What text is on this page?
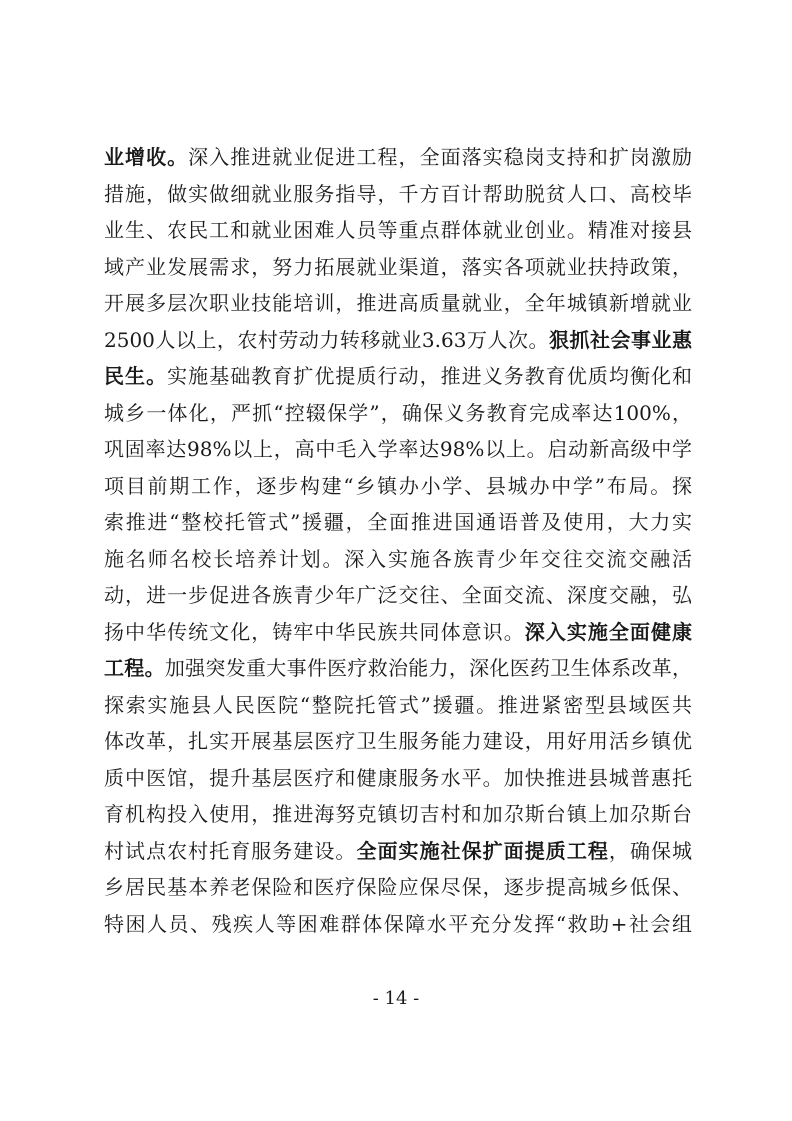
业增收。深入推进就业促进工程，全面落实稳岗支持和扩岗激励
措施，做实做细就业服务指导，千方百计帮助脱贫人口、高校毕
业生、农民工和就业困难人员等重点群体就业创业。精准对接县
域产业发展需求，努力拓展就业渠道，落实各项就业扶持政策，
开展多层次职业技能培训，推进高质量就业，全年城镇新增就业
2500人以上，农村劳动力转移就业3.63万人次。狠抓社会事业惠
民生。实施基础教育扩优提质行动，推进义务教育优质均衡化和
城乡一体化，严抓“控辍保学”，确保义务教育完成率达100%，
巩固率达98%以上，高中毛入学率达98%以上。启动新高级中学
项目前期工作，逐步构建“乡镇办小学、县城办中学”布局。探
索推进“整校托管式”援疆，全面推进国通语普及使用，大力实
施名师名校长培养计划。深入实施各族青少年交往交流交融活
动，进一步促进各族青少年广泛交往、全面交流、深度交融，弘
扬中华传统文化，铸牢中华民族共同体意识。深入实施全面健康
工程。加强突发重大事件医疗救治能力，深化医药卫生体系改革，
探索实施县人民医院“整院托管式”援疆。推进紧密型县域医共
体改革，扎实开展基层医疗卫生服务能力建设，用好用活乡镇优
质中医馆，提升基层医疗和健康服务水平。加快推进县城普惠托
育机构投入使用，推进海努克镇切吉村和加尕斯台镇上加尕斯台
村试点农村托育服务建设。全面实施社保扩面提质工程，确保城
乡居民基本养老保险和医疗保险应保尽保，逐步提高城乡低保、
特困人员、残疾人等困难群体保障水平充分发挥“救助+社会组
- 14 -
